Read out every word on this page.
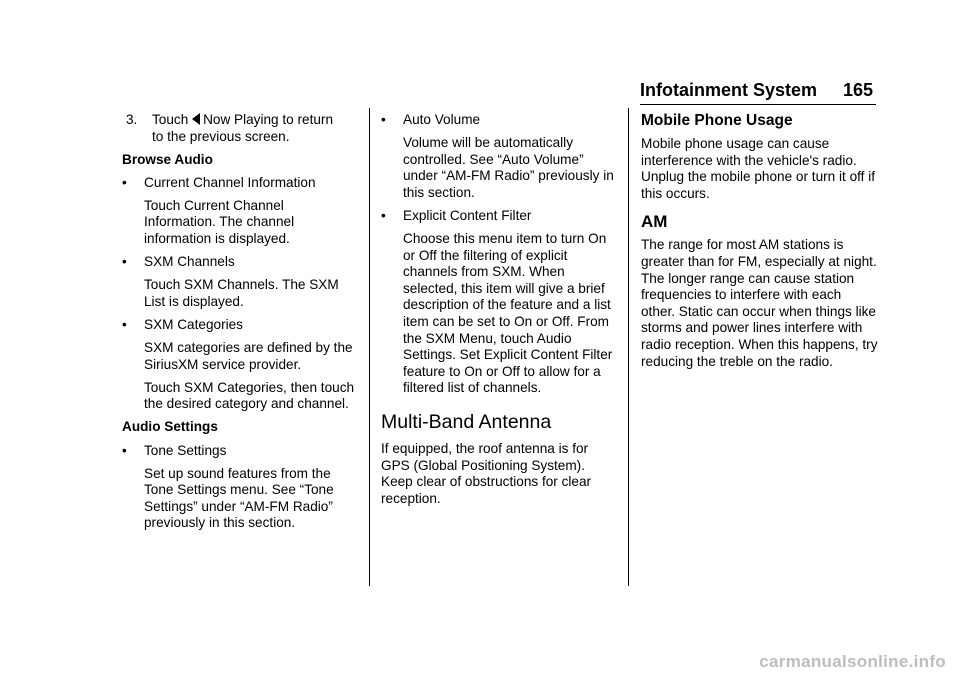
Infotainment System 165
3.	Touch Now Playing to return

to the previous screen.

Browse Audio

•	Current Channel Information

Touch Current Channel Information. The channel information is displayed.

•	SXM Channels

Touch SXM Channels. The SXM List is displayed.

•	SXM Categories

SXM categories are defined by the SiriusXM service provider.

Touch SXM Categories, then touch the desired category and channel.

Audio Settings

•	Tone Settings

Set up sound features from the Tone Settings menu. See “Tone Settings” under “AM-FM Radio” previously in this section.

•	Auto Volume

Volume will be automatically controlled. See “Auto Volume” under “AM-FM Radio” previously in this section.

•	Explicit Content Filter

Choose this menu item to turn On or Off the filtering of explicit channels from SXM. When selected, this item will give a brief description of the feature and a list item can be set to On or Off. From the SXM Menu, touch Audio Settings. Set Explicit Content Filter feature to On or Off to allow for a filtered list of channels.

Multi-Band Antenna

If equipped, the roof antenna is for GPS (Global Positioning System). Keep clear of obstructions for clear reception.

Mobile Phone Usage

Mobile phone usage can cause interference with the vehicle's radio. Unplug the mobile phone or turn it off if this occurs.

AM

The range for most AM stations is greater than for FM, especially at night. The longer range can cause station frequencies to interfere with each other. Static can occur when things like storms and power lines interfere with radio reception. When this happens, try reducing the treble on the radio.

carmanualsonline.info
